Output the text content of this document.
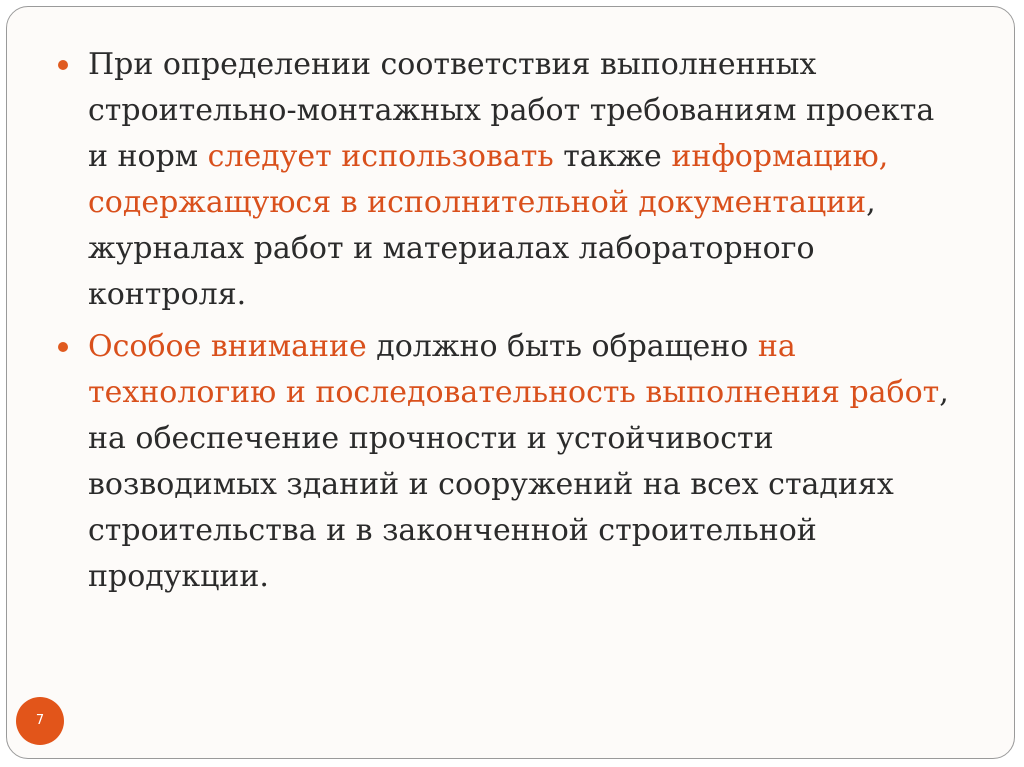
При определении соответствия выполненных строительно-монтажных работ требованиям проекта и норм следует использовать также информацию, содержащуюся в исполнительной документации, журналах работ и материалах лабораторного контроля.
Особое внимание должно быть обращено на технологию и последовательность выполнения работ, на обеспечение прочности и устойчивости возводимых зданий и сооружений на всех стадиях строительства и в законченной строительной продукции.
7
